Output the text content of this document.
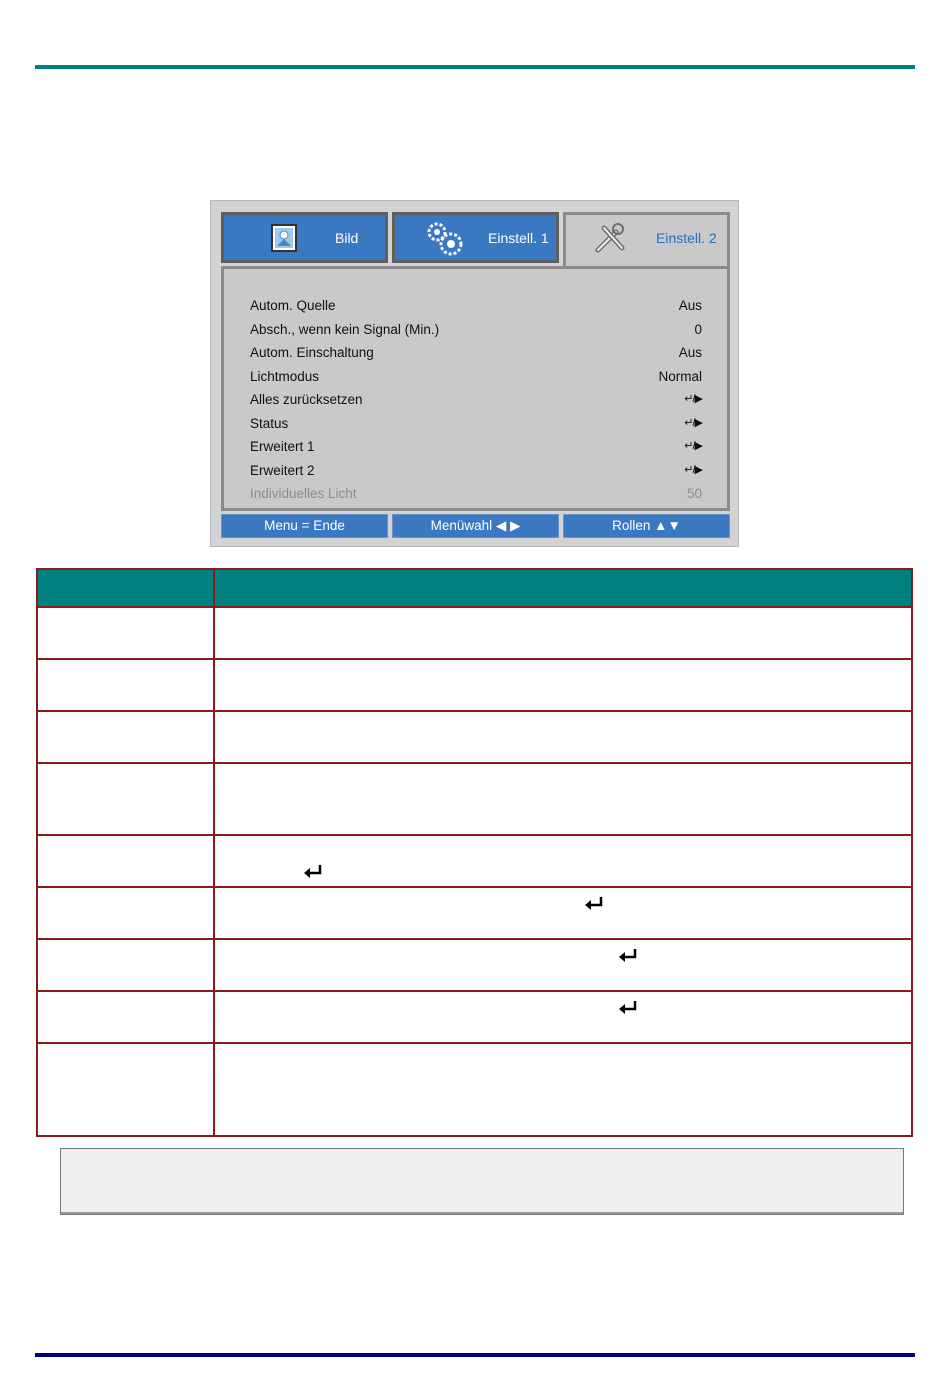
Bild	Einstell. 1	Einstell. 2
Autom. Quelle	Aus
Absch., wenn kein Signal (Min.)	0
Autom. Einschaltung	Aus
Lichtmodus	Normal
Alles zurücksetzen	↵/▶
Status	↵/▶
Erweitert 1	↵/▶
Erweitert 2	↵/▶
Individuelles Licht	50
Menu = Ende	Menüwahl ◀ ▶	Rollen ▲▼
